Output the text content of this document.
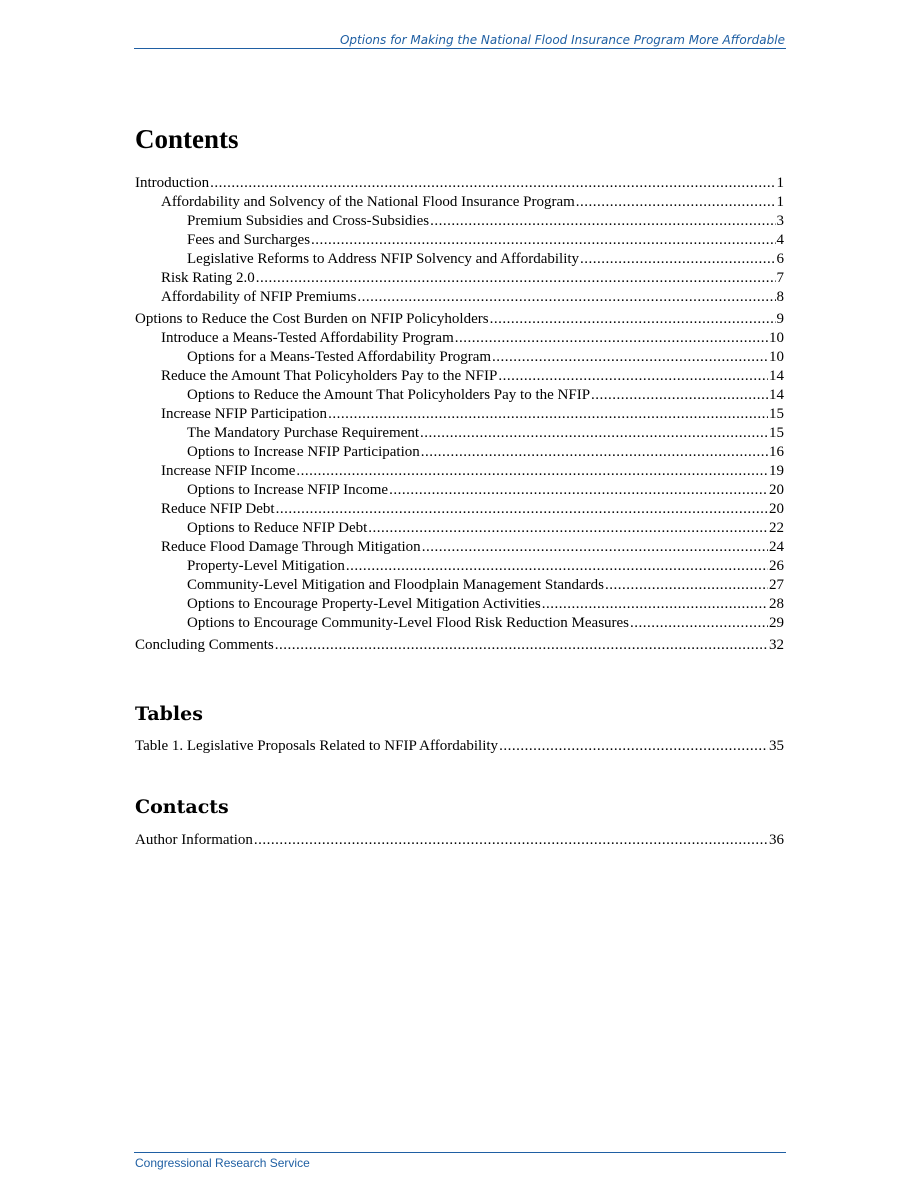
Options for Making the National Flood Insurance Program More Affordable
Contents
Introduction .....	1
Affordability and Solvency of the National Flood Insurance Program .....	1
Premium Subsidies and Cross-Subsidies .....	3
Fees and Surcharges .....	4
Legislative Reforms to Address NFIP Solvency and Affordability .....	6
Risk Rating 2.0 .....	7
Affordability of NFIP Premiums .....	8
Options to Reduce the Cost Burden on NFIP Policyholders .....	9
Introduce a Means-Tested Affordability Program .....	10
Options for a Means-Tested Affordability Program .....	10
Reduce the Amount That Policyholders Pay to the NFIP .....	14
Options to Reduce the Amount That Policyholders Pay to the NFIP .....	14
Increase NFIP Participation .....	15
The Mandatory Purchase Requirement .....	15
Options to Increase NFIP Participation .....	16
Increase NFIP Income .....	19
Options to Increase NFIP Income .....	20
Reduce NFIP Debt .....	20
Options to Reduce NFIP Debt .....	22
Reduce Flood Damage Through Mitigation .....	24
Property-Level Mitigation .....	26
Community-Level Mitigation and Floodplain Management Standards .....	27
Options to Encourage Property-Level Mitigation Activities .....	28
Options to Encourage Community-Level Flood Risk Reduction Measures .....	29
Concluding Comments .....	32
Tables
Table 1. Legislative Proposals Related to NFIP Affordability .....	35
Contacts
Author Information .....	36
Congressional Research Service
